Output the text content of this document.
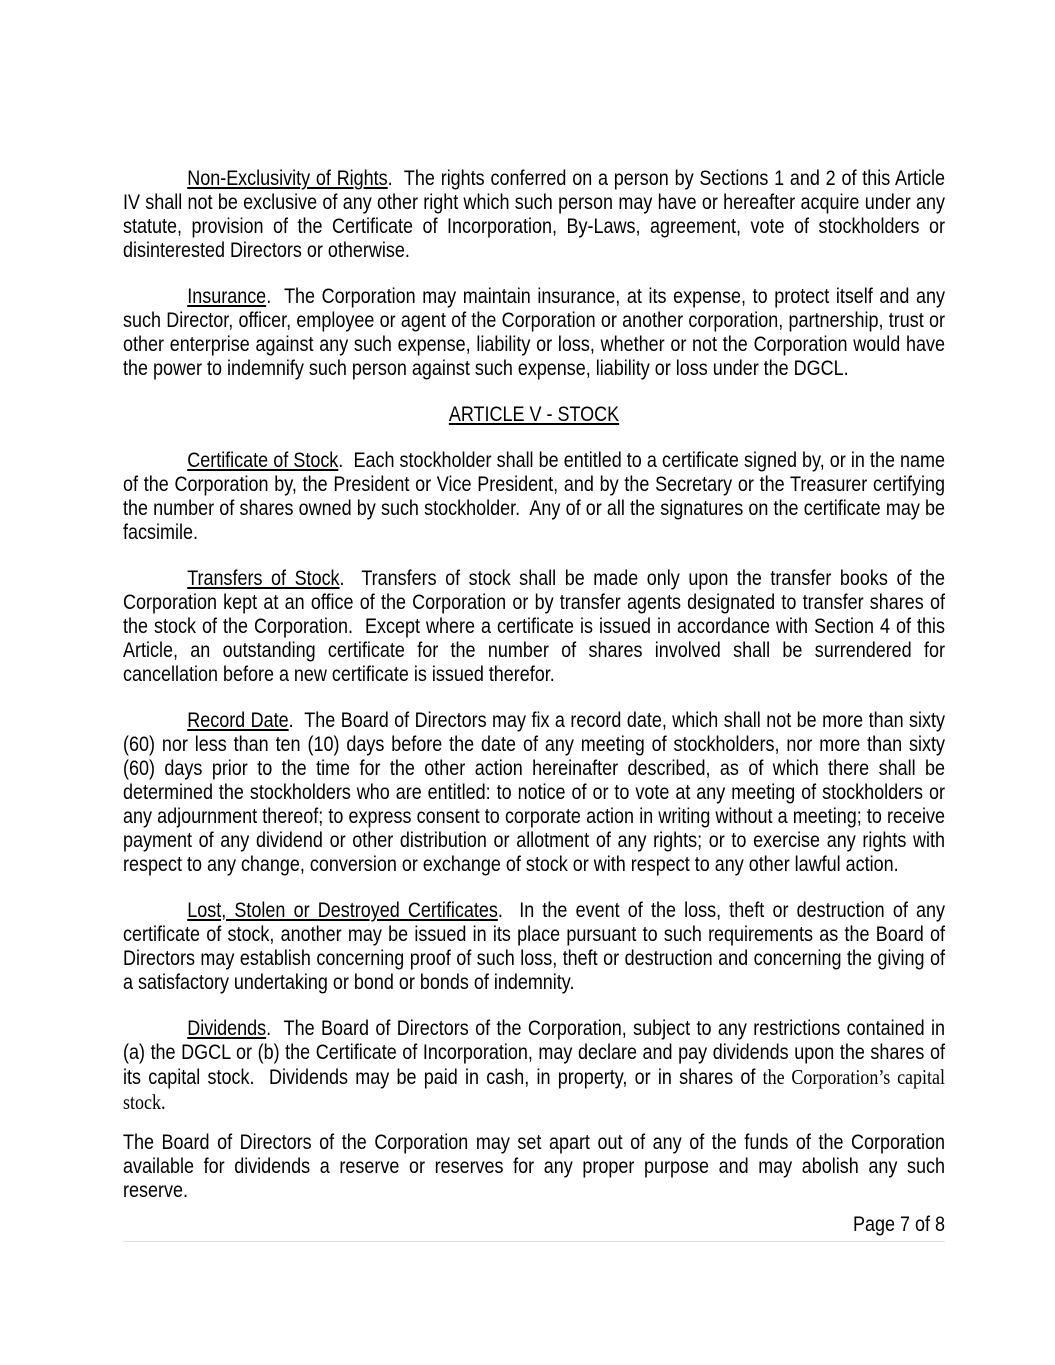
Non-Exclusivity of Rights.  The rights conferred on a person by Sections 1 and 2 of this Article IV shall not be exclusive of any other right which such person may have or hereafter acquire under any statute, provision of the Certificate of Incorporation, By-Laws, agreement, vote of stockholders or disinterested Directors or otherwise.

Insurance.  The Corporation may maintain insurance, at its expense, to protect itself and any such Director, officer, employee or agent of the Corporation or another corporation, partnership, trust or other enterprise against any such expense, liability or loss, whether or not the Corporation would have the power to indemnify such person against such expense, liability or loss under the DGCL.

ARTICLE V - STOCK

Certificate of Stock.  Each stockholder shall be entitled to a certificate signed by, or in the name of the Corporation by, the President or Vice President, and by the Secretary or the Treasurer certifying the number of shares owned by such stockholder.  Any of or all the signatures on the certificate may be facsimile.

Transfers of Stock.  Transfers of stock shall be made only upon the transfer books of the Corporation kept at an office of the Corporation or by transfer agents designated to transfer shares of the stock of the Corporation.  Except where a certificate is issued in accordance with Section 4 of this Article, an outstanding certificate for the number of shares involved shall be surrendered for cancellation before a new certificate is issued therefor.

Record Date.  The Board of Directors may fix a record date, which shall not be more than sixty (60) nor less than ten (10) days before the date of any meeting of stockholders, nor more than sixty (60) days prior to the time for the other action hereinafter described, as of which there shall be determined the stockholders who are entitled: to notice of or to vote at any meeting of stockholders or any adjournment thereof; to express consent to corporate action in writing without a meeting; to receive payment of any dividend or other distribution or allotment of any rights; or to exercise any rights with respect to any change, conversion or exchange of stock or with respect to any other lawful action.

Lost, Stolen or Destroyed Certificates.  In the event of the loss, theft or destruction of any certificate of stock, another may be issued in its place pursuant to such requirements as the Board of Directors may establish concerning proof of such loss, theft or destruction and concerning the giving of a satisfactory undertaking or bond or bonds of indemnity.

Dividends.  The Board of Directors of the Corporation, subject to any restrictions contained in (a) the DGCL or (b) the Certificate of Incorporation, may declare and pay dividends upon the shares of its capital stock.  Dividends may be paid in cash, in property, or in shares of the Corporation’s capital stock.

The Board of Directors of the Corporation may set apart out of any of the funds of the Corporation available for dividends a reserve or reserves for any proper purpose and may abolish any such reserve.

Page 7 of 8
